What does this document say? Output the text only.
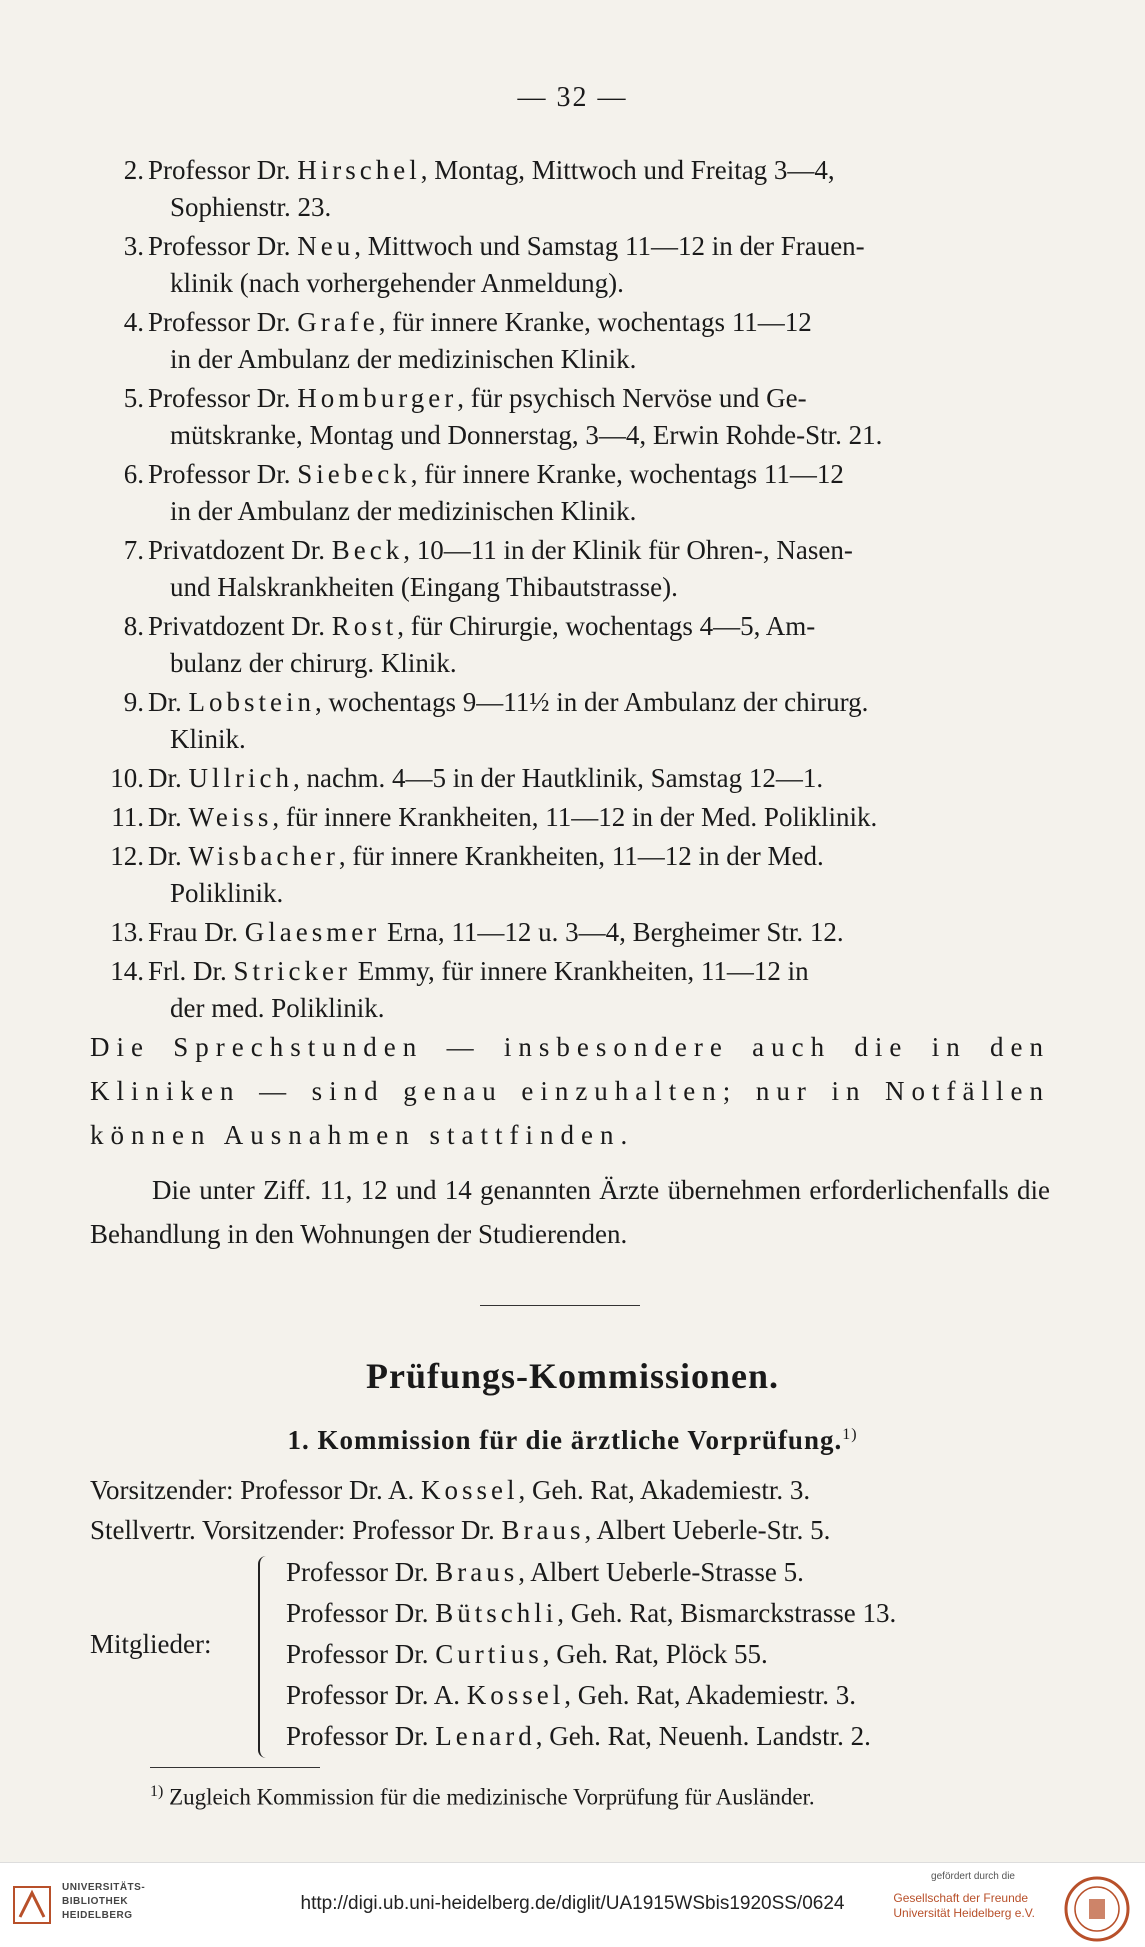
— 32 —
2. Professor Dr. Hirschel, Montag, Mittwoch und Freitag 3—4,
Sophienstr. 23.
3. Professor Dr. Neu, Mittwoch und Samstag 11—12 in der Frauen-
klinik (nach vorhergehender Anmeldung).
4. Professor Dr. Grafe, für innere Kranke, wochentags 11—12
in der Ambulanz der medizinischen Klinik.
5. Professor Dr. Homburger, für psychisch Nervöse und Ge-
mütskranke, Montag und Donnerstag, 3—4, Erwin Rohde-Str. 21.
6. Professor Dr. Siebeck, für innere Kranke, wochentags 11—12
in der Ambulanz der medizinischen Klinik.
7. Privatdozent Dr. Beck, 10—11 in der Klinik für Ohren-, Nasen-
und Halskrankheiten (Eingang Thibautstrasse).
8. Privatdozent Dr. Rost, für Chirurgie, wochentags 4—5, Am-
bulanz der chirurg. Klinik.
9. Dr. Lobstein, wochentags 9—11½ in der Ambulanz der chirurg.
Klinik.
10. Dr. Ullrich, nachm. 4—5 in der Hautklinik, Samstag 12—1.
11. Dr. Weiss, für innere Krankheiten, 11—12 in der Med. Poliklinik.
12. Dr. Wisbacher, für innere Krankheiten, 11—12 in der Med.
Poliklinik.
13. Frau Dr. Glaesmer Erna, 11—12 u. 3—4, Bergheimer Str. 12.
14. Frl. Dr. Stricker Emmy, für innere Krankheiten, 11—12 in
der med. Poliklinik.
Die Sprechstunden — insbesondere auch die in den Kliniken — sind genau einzuhalten; nur in Notfällen können Ausnahmen stattfinden.
Die unter Ziff. 11, 12 und 14 genannten Ärzte übernehmen erforderlichenfalls die Behandlung in den Wohnungen der Studierenden.
Prüfungs-Kommissionen.
1. Kommission für die ärztliche Vorprüfung.$^{1)}$
Vorsitzender: Professor Dr. A. Kossel, Geh. Rat, Akademiestr. 3.
Stellvertr. Vorsitzender: Professor Dr. Braus, Albert Ueberle-Str. 5.
Mitglieder:
Professor Dr. Braus, Albert Ueberle-Strasse 5.
Professor Dr. Bütschli, Geh. Rat, Bismarckstrasse 13.
Professor Dr. Curtius, Geh. Rat, Plöck 55.
Professor Dr. A. Kossel, Geh. Rat, Akademiestr. 3.
Professor Dr. Lenard, Geh. Rat, Neuenh. Landstr. 2.
$^{1)}$ Zugleich Kommission für die medizinische Vorprüfung für Ausländer.
UNIVERSITÄTS-
BIBLIOTHEK
HEIDELBERG
http://digi.ub.uni-heidelberg.de/diglit/UA1915WSbis1920SS/0624
gefördert durch die
Gesellschaft der Freunde
Universität Heidelberg e.V.
